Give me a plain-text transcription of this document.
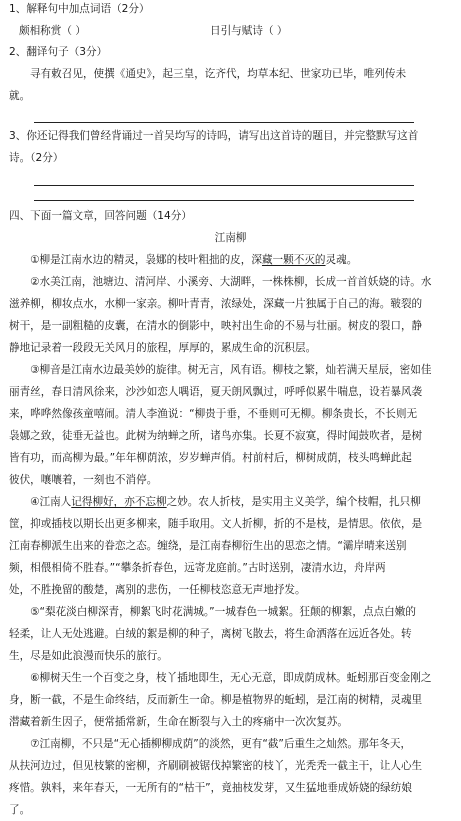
1、解释句中加点词语（2分）
颇相称赏（ ）	日引与赋诗（ ）
2、翻译句子（3分）
寻有敕召见，使撰《通史》，起三皇，讫齐代，均草本纪、世家功已毕，唯列传未
就。
3、你还记得我们曾经背诵过一首吴均写的诗吗，请写出这首诗的题目，并完整默写这首
诗。（2分）
四、下面一篇文章，回答问题（14分）
江南柳
①柳是江南水边的精灵，袅娜的枝叶粗拙的皮，深藏一颗不灭的灵魂。
②水美江南，池塘边、清河岸、小溪旁、大湖畔，一株株柳，长成一首首妖娆的诗。水
滋养柳，柳妆点水，水柳一家亲。柳叶青青，浓绿处，深藏一片独属于自己的海。皲裂的
树干，是一副粗糙的皮囊，在清水的倒影中，映衬出生命的不易与壮丽。树皮的裂口，静
静地记录着一段段无关风月的旅程，厚厚的，累成生命的沉积层。
③柳音是江南水边最美妙的旋律。树无言，风有语。柳枝之繁，灿若满天星辰，密如佳
丽青丝，春日清风徐来，沙沙如恋人喁语，夏天朗风飘过，呼呼似累牛喘息，设若暴风袭
来，哗哗然像孩童嘻闹。清人李渔说：“柳贵于垂，不垂则可无柳。柳条贵长，不长则无
袅娜之致，徒垂无益也。此树为纳蝉之所，诸鸟亦集。长夏不寂寞，得时闻鼓吹者，是树
皆有功，而高柳为最。”年年柳荫浓，岁岁蝉声俏。村前村后，柳树成荫，枝头鸣蝉此起
彼伏，嚷嚷着，一刻也不消停。
④江南人记得柳好，亦不忘柳之妙。农人折枝，是实用主义美学，编个枝帽，扎只柳
筐，抑或插枝以期长出更多柳来，随手取用。文人折柳，折的不是枝，是情思。依依，是
江南春柳派生出来的眷恋之态。缠绕，是江南春柳衍生出的思恋之情。“灞岸晴来送别
频，相偎相倚不胜春。”“攀条折春色，远寄龙庭前。”古时送别，凄清水边，舟岸两
处，不胜挽留的酸楚，离别的悲伤，一任柳枝恣意无声地抒发。
⑤“梨花淡白柳深青，柳絮飞时花满城。”一城春色一城絮。狂颠的柳絮，点点白嫩的
轻柔，让人无处逃避。白绒的絮是柳的种子，离树飞散去，将生命洒落在远近各处。转
生，尽是如此浪漫而快乐的旅行。
⑥柳树天生一个百变之身，枝丫插地即生，无心无意，即成荫成林。蚯蚓那百变金刚之
身，断一截，不是生命终结，反而新生一命。柳是植物界的蚯蚓，是江南的树精，灵魂里
潜藏着新生因子，便常插常新，生命在断裂与入土的疼痛中一次次复苏。
⑦江南柳，不只是“无心插柳柳成荫”的淡然，更有“截”后重生之灿然。那年冬天，
从扶河边过，但见枝繁的密柳，齐刷刷被锯伐掉繁密的枝丫，光秃秃一截主干，让人心生
疼惜。孰料，来年春天，一无所有的“枯干”，竟抽枝发芽，又生猛地垂成娇娆的绿纺娘
了。
